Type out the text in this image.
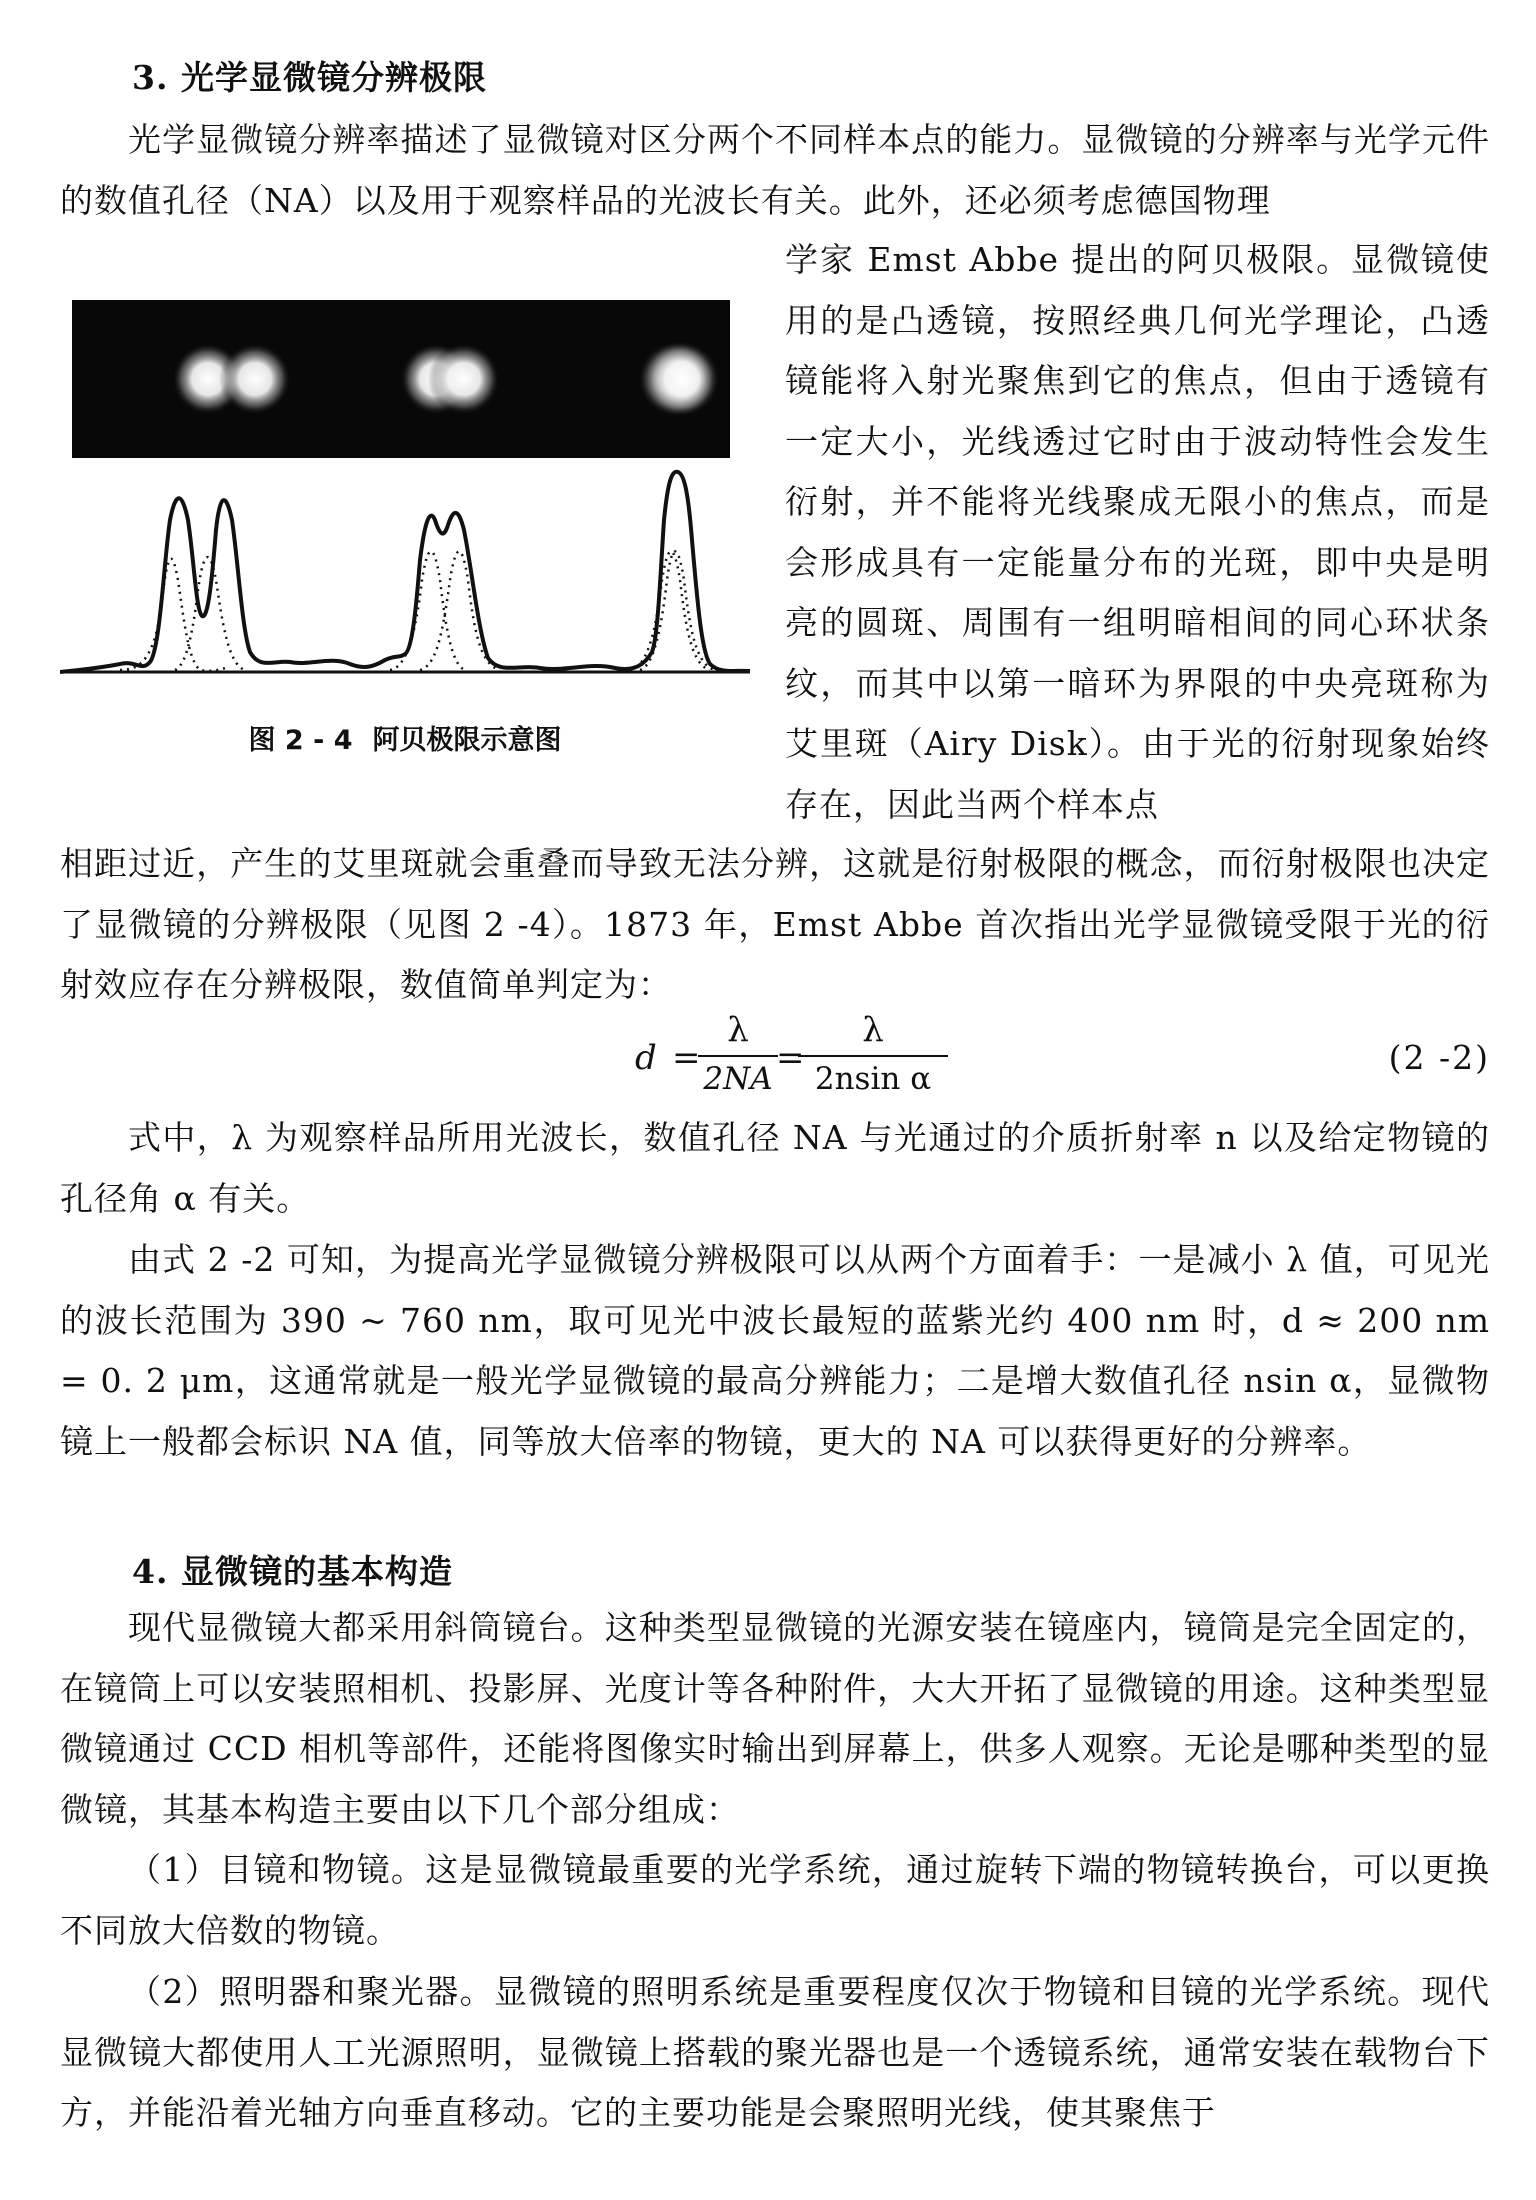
3. 光学显微镜分辨极限
光学显微镜分辨率描述了显微镜对区分两个不同样本点的能力。显微镜的分辨率与光学元件的数值孔径（NA）以及用于观察样品的光波长有关。此外，还必须考虑德国物理
学家 Emst Abbe 提出的阿贝极限。显微镜使用的是凸透镜，按照经典几何光学理论，凸透镜能将入射光聚焦到它的焦点，但由于透镜有一定大小，光线透过它时由于波动特性会发生衍射，并不能将光线聚成无限小的焦点，而是会形成具有一定能量分布的光斑，即中央是明亮的圆斑、周围有一组明暗相间的同心环状条纹，而其中以第一暗环为界限的中央亮斑称为艾里斑（Airy Disk）。由于光的衍射现象始终存在，因此当两个样本点
图 2 - 4 阿贝极限示意图
相距过近，产生的艾里斑就会重叠而导致无法分辨，这就是衍射极限的概念，而衍射极限也决定了显微镜的分辨极限（见图 2 -4）。1873 年，Emst Abbe 首次指出光学显微镜受限于光的衍射效应存在分辨极限，数值简单判定为：
d =
λ
2NA
=
λ
2nsin α
(2 -2)
式中，λ 为观察样品所用光波长，数值孔径 NA 与光通过的介质折射率 n 以及给定物镜的孔径角 α 有关。
由式 2 -2 可知，为提高光学显微镜分辨极限可以从两个方面着手：一是减小 λ 值，可见光的波长范围为 390 ~ 760 nm，取可见光中波长最短的蓝紫光约 400 nm 时，d ≈ 200 nm = 0. 2 μm，这通常就是一般光学显微镜的最高分辨能力；二是增大数值孔径 nsin α，显微物镜上一般都会标识 NA 值，同等放大倍率的物镜，更大的 NA 可以获得更好的分辨率。
4. 显微镜的基本构造
现代显微镜大都采用斜筒镜台。这种类型显微镜的光源安装在镜座内，镜筒是完全固定的，在镜筒上可以安装照相机、投影屏、光度计等各种附件，大大开拓了显微镜的用途。这种类型显微镜通过 CCD 相机等部件，还能将图像实时输出到屏幕上，供多人观察。无论是哪种类型的显微镜，其基本构造主要由以下几个部分组成：
（1）目镜和物镜。这是显微镜最重要的光学系统，通过旋转下端的物镜转换台，可以更换不同放大倍数的物镜。
（2）照明器和聚光器。显微镜的照明系统是重要程度仅次于物镜和目镜的光学系统。现代显微镜大都使用人工光源照明，显微镜上搭载的聚光器也是一个透镜系统，通常安装在载物台下方，并能沿着光轴方向垂直移动。它的主要功能是会聚照明光线，使其聚焦于
